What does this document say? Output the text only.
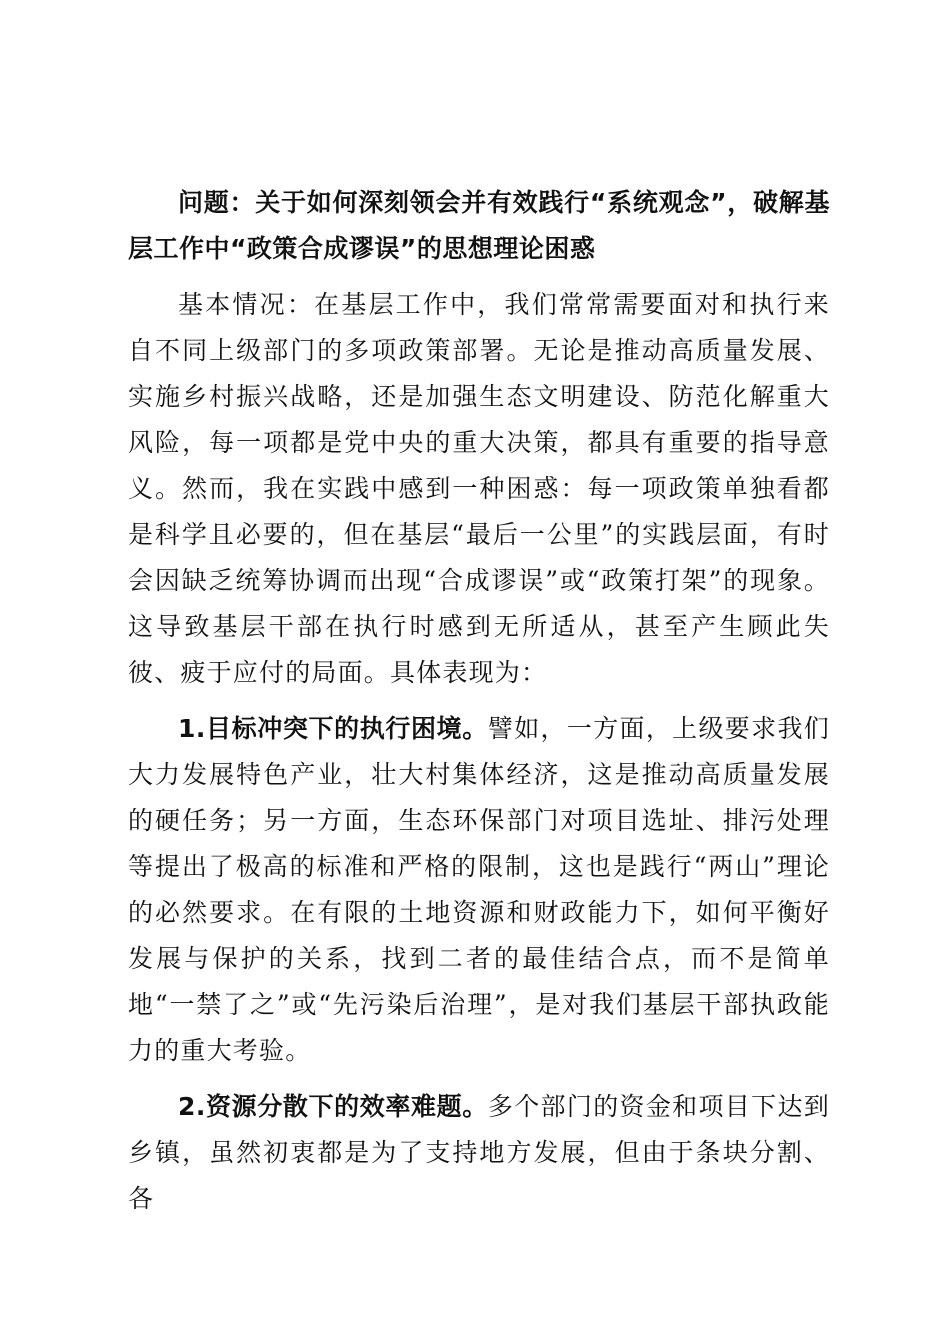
问题：关于如何深刻领会并有效践行“系统观念”，破解基层工作中“政策合成谬误”的思想理论困惑

基本情况：在基层工作中，我们常常需要面对和执行来自不同上级部门的多项政策部署。无论是推动高质量发展、实施乡村振兴战略，还是加强生态文明建设、防范化解重大风险，每一项都是党中央的重大决策，都具有重要的指导意义。然而，我在实践中感到一种困惑：每一项政策单独看都是科学且必要的，但在基层“最后一公里”的实践层面，有时会因缺乏统筹协调而出现“合成谬误”或“政策打架”的现象。这导致基层干部在执行时感到无所适从，甚至产生顾此失彼、疲于应付的局面。具体表现为：

1.目标冲突下的执行困境。譬如，一方面，上级要求我们大力发展特色产业，壮大村集体经济，这是推动高质量发展的硬任务；另一方面，生态环保部门对项目选址、排污处理等提出了极高的标准和严格的限制，这也是践行“两山”理论的必然要求。在有限的土地资源和财政能力下，如何平衡好发展与保护的关系，找到二者的最佳结合点，而不是简单地“一禁了之”或“先污染后治理”，是对我们基层干部执政能力的重大考验。

2.资源分散下的效率难题。多个部门的资金和项目下达到乡镇，虽然初衷都是为了支持地方发展，但由于条块分割、各
